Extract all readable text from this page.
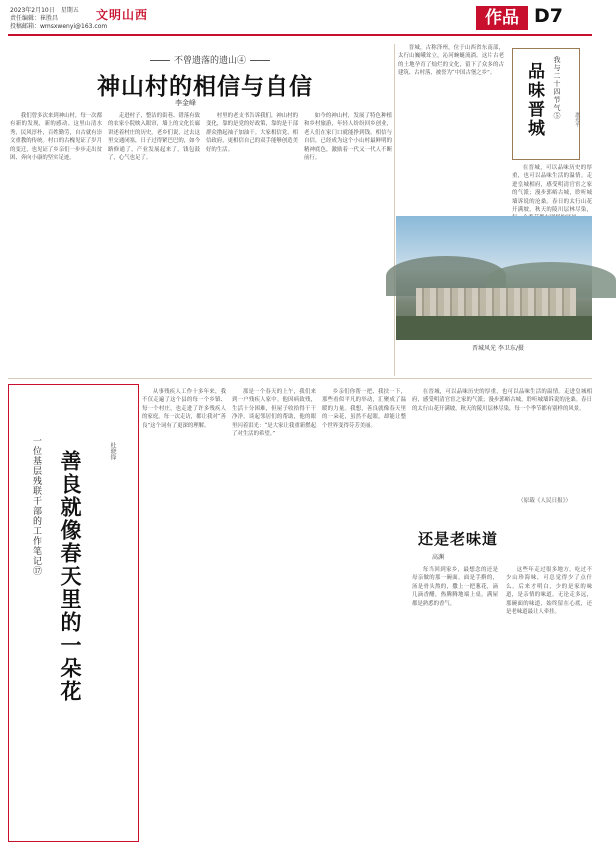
2023年2月10日　星期五
责任编辑：崔胜昌
投稿邮箱：wmsxwenyi@163.com
文明山西	作品 D7
不曾遗落的遗山④
神山村的相信与自信
李金峰

我们曾多次来到神山村，每一次都有新的发现，新的感动。这里山清水秀，民风淳朴，百姓勤劳，自古就有崇文重教的传统。村口的古槐见证了岁月的变迁，也见证了乡亲们一步步走出贫困、奔向小康的坚实足迹。

走进村子，整洁的街巷、错落有致的农家小院映入眼帘，墙上的文化长廊讲述着村庄的历史。老乡们说，过去这里交通闭塞，日子过得紧巴巴的，如今路修通了，产业发展起来了，钱包鼓了，心气也足了。

村里的老支书告诉我们，神山村的变化，靠的是党的好政策，靠的是干部群众撸起袖子加油干。大家相信党、相信政府，更相信自己的双手能够创造美好的生活。

如今的神山村，发展了特色种植和乡村旅游，年轻人纷纷回乡创业，老人们在家门口就能挣到钱。相信与自信，已经成为这个小山村最鲜明的精神底色，激励着一代又一代人不断前行。

晋城，古称泽州，位于山西省东南部，太行山巍峨耸立，沁河蜿蜒流淌。这片古老的土地孕育了灿烂的文化，留下了众多的古建筑、古村落，被誉为“中国古堡之乡”。	我与二十四节气⑤
品味晋城	惠光平

在晋城，可以品味历史的厚重，也可以品味生活的温情。走进皇城相府，感受明清官宦之家的气派；漫步郭峪古城，聆听城墙诉说的沧桑。春日的太行山花开满坡，秋天的陵川层林尽染，

晋城风光 李卫东/摄
一位基层残联干部的工作笔记⑰ 善良就像春天里的一朵花	杜晓锋

从事残疾人工作十多年来，我不仅走遍了这个县的每一个乡镇、每一个村庄，也走进了许多残疾人的家庭。每一次走访，都让我对“善良”这个词有了更深的理解。

那是一个春天的上午，我们来到一户残疾人家中。他因病致残，生活十分困难，但屋子收拾得干干净净。谈起邻居们的帮助，他的眼里闪着泪光：“是大家让我重新燃起了对生活的希望。”

乡亲们你帮一把、我扶一下，那些看似平凡的举动，汇聚成了温暖的力量。我想，善良就像春天里的一朵花，虽然不起眼，却能让整个世界变得芬芳美丽。

在晋城，可以品味历史的厚重，也可以品味生活的温情。走进皇城相府，感受明清官宦之家的气派；漫步郭峪古城，聆听城墙诉说的沧桑。春日的太行山花开满坡，秋天的陵川层林尽染，每一个季节都有别样的风景。

（原载《人民日报》）
还是老味道
高渊

每当回到家乡，最想念的还是母亲做的那一碗面。面是手擀的，汤是骨头熬的，撒上一把葱花，滴几滴香醋，热腾腾地端上桌，满屋都是熟悉的香气。

这些年走过很多地方，吃过不少山珍海味，可总觉得少了点什么。后来才明白，少的是家的味道，是亲情的味道。无论走多远，那碗面的味道，始终留在心底，还是老味道最让人牵挂。
